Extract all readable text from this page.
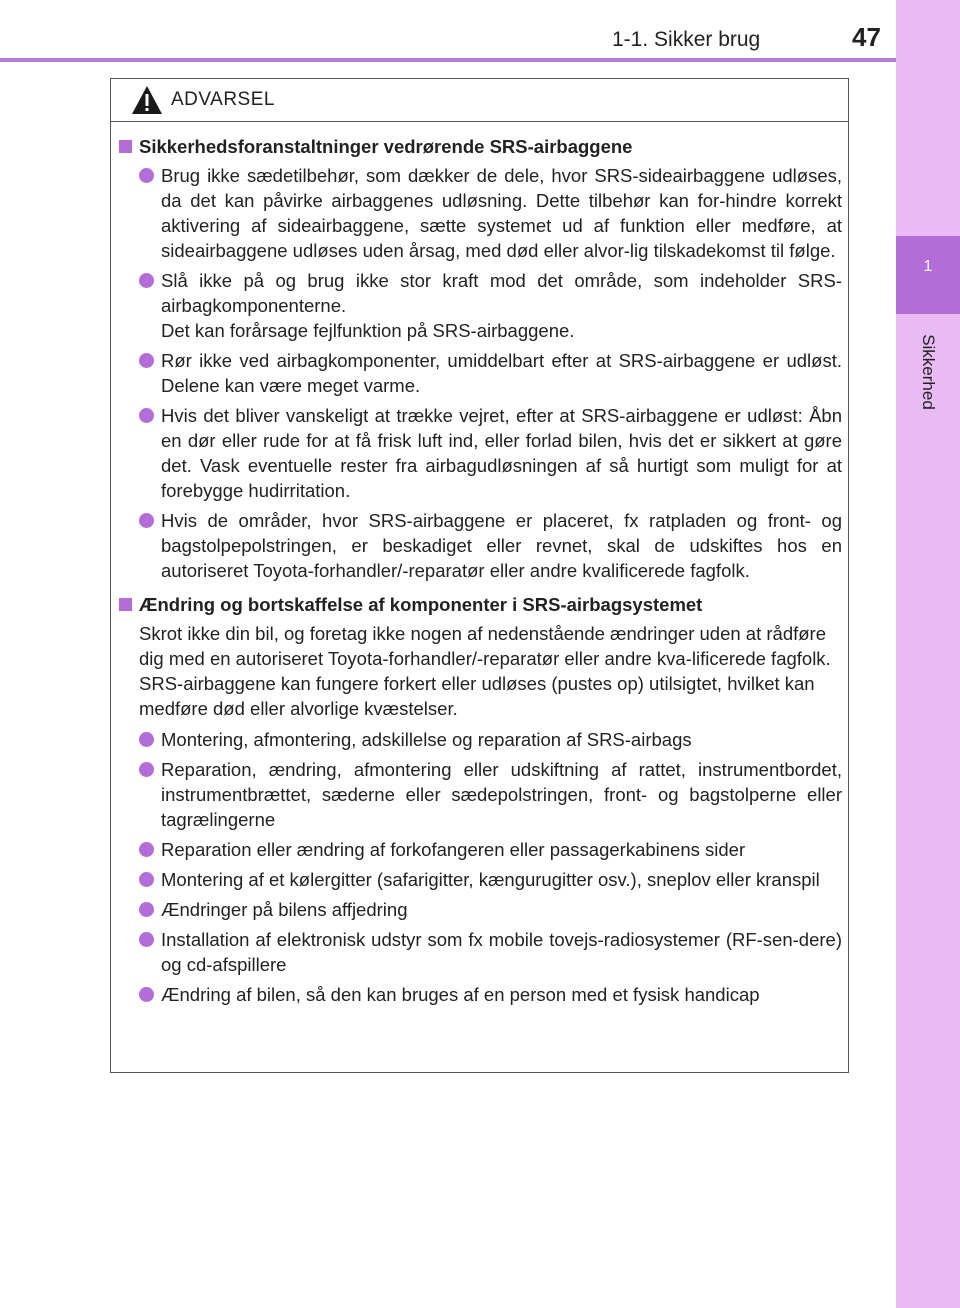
1-1. Sikker brug	47
1
Sikkerhed
ADVARSEL
Sikkerhedsforanstaltninger vedrørende SRS-airbaggene

Brug ikke sædetilbehør, som dækker de dele, hvor SRS-sideairbaggene udløses, da det kan påvirke airbaggenes udløsning. Dette tilbehør kan for-hindre korrekt aktivering af sideairbaggene, sætte systemet ud af funktion eller medføre, at sideairbaggene udløses uden årsag, med død eller alvor-lig tilskadekomst til følge.

Slå ikke på og brug ikke stor kraft mod det område, som indeholder SRS-airbagkomponenterne.

Det kan forårsage fejlfunktion på SRS-airbaggene.

Rør ikke ved airbagkomponenter, umiddelbart efter at SRS-airbaggene er udløst. Delene kan være meget varme.

Hvis det bliver vanskeligt at trække vejret, efter at SRS-airbaggene er udløst: Åbn en dør eller rude for at få frisk luft ind, eller forlad bilen, hvis det er sikkert at gøre det. Vask eventuelle rester fra airbagudløsningen af så hurtigt som muligt for at forebygge hudirritation.

Hvis de områder, hvor SRS-airbaggene er placeret, fx ratpladen og front- og bagstolpepolstringen, er beskadiget eller revnet, skal de udskiftes hos en autoriseret Toyota-forhandler/-reparatør eller andre kvalificerede fagfolk.

Ændring og bortskaffelse af komponenter i SRS-airbagsystemet
Skrot ikke din bil, og foretag ikke nogen af nedenstående ændringer uden at rådføre dig med en autoriseret Toyota-forhandler/-reparatør eller andre kva-lificerede fagfolk. SRS-airbaggene kan fungere forkert eller udløses (pustes op) utilsigtet, hvilket kan medføre død eller alvorlige kvæstelser.

Montering, afmontering, adskillelse og reparation af SRS-airbags

Reparation, ændring, afmontering eller udskiftning af rattet, instrumentbordet, instrumentbrættet, sæderne eller sædepolstringen, front- og bagstolperne eller tagrælingerne

Reparation eller ændring af forkofangeren eller passagerkabinens sider

Montering af et kølergitter (safarigitter, kængurugitter osv.), sneplov eller kranspil

Ændringer på bilens affjedring

Installation af elektronisk udstyr som fx mobile tovejs-radiosystemer (RF-sen-dere) og cd-afspillere

Ændring af bilen, så den kan bruges af en person med et fysisk handicap
